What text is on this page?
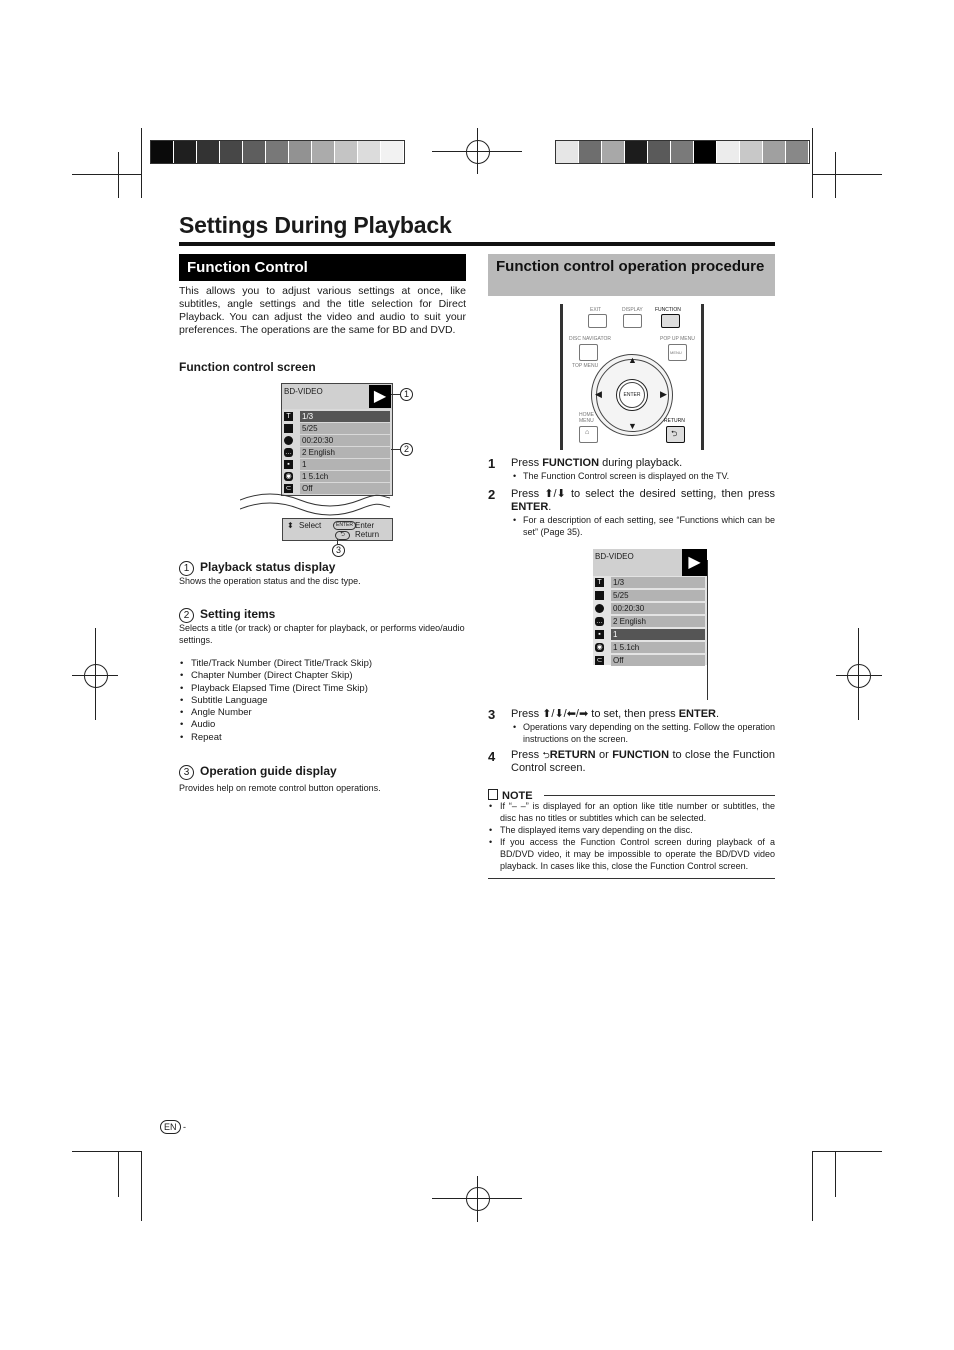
Settings During Playback
Function Control
This allows you to adjust various settings at once, like subtitles, angle settings and the title selection for Direct Playback. You can adjust the video and audio to suit your preferences. The operations are the same for BD and DVD.
Function control screen
BD-VIDEO	▶
T 1/3
5/25
00:20:30
… 2 English
▪	1
◉ 1 5.1ch
⊂ Off
⬍ Select	ENTER Enter
⮌	Return
1
2
3
1 Playback status display
Shows the operation status and the disc type.
2 Setting items
Selects a title (or track) or chapter for playback, or performs video/audio settings.
• Title/Track Number (Direct Title/Track Skip)
• Chapter Number (Direct Chapter Skip)
• Playback Elapsed Time (Direct Time Skip)
• Subtitle Language
• Angle Number
• Audio
• Repeat
3 Operation guide display
Provides help on remote control button operations.
Function control operation procedure
EXIT	DISPLAY FUNCTION
DISC NAVIGATOR	POP UP MENU
MENU
TOP MENU
▲
▼
◀	▶
ENTER
HOME MENU
⌂
RETURN
⮌
1 Press FUNCTION during playback.
• The Function Control screen is displayed on the TV.
2 Press ⬆/⬇ to select the desired setting, then press ENTER.
• For a description of each setting, see “Functions which can be set” (Page 35).
BD-VIDEO	▶
T 1/3
5/25
00:20:30
… 2 English
▪	1
◉ 1 5.1ch
⊂ Off
3 Press ⬆/⬇/⬅/➡ to set, then press ENTER.
• Operations vary depending on the setting. Follow the operation instructions on the screen.
4 Press ⮌RETURN or FUNCTION to close the Function Control screen.
NOTE
• If “– –” is displayed for an option like title number or subtitles, the disc has no titles or subtitles which can be selected.
• The displayed items vary depending on the disc.
• If you access the Function Control screen during playback of a BD/DVD video, it may be impossible to operate the BD/DVD video playback. In cases like this, close the Function Control screen.
EN -
